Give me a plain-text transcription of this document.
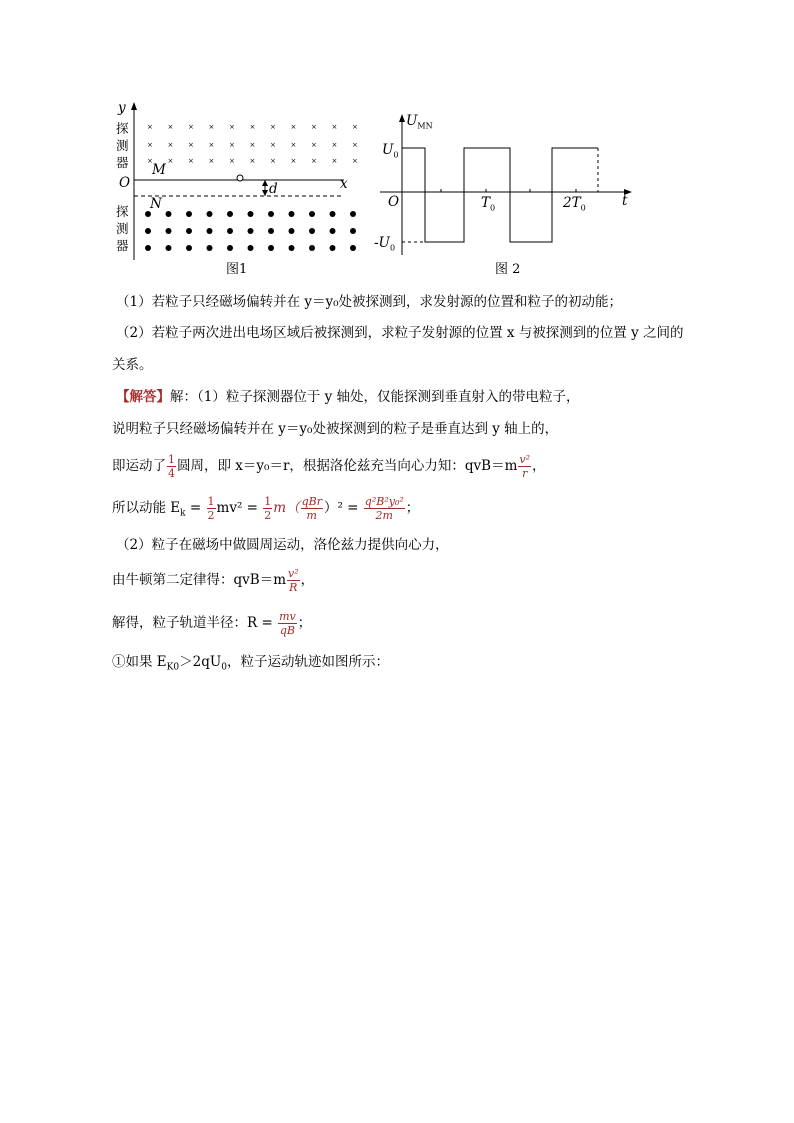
× × × × × × × × × × ×
× × × × × × × × × × ×
× × × × × × × × × × ×
y
探
测
器
O	x
M
d
N
探
测
器
图1
$U_{MN}$
$U_0$
O	$T_0$	$2T_0$	t
$-U_0$
图 2
（1）若粒子只经磁场偏转并在 y＝y₀处被探测到，求发射源的位置和粒子的初动能；
（2）若粒子两次进出电场区域后被探测到，求粒子发射源的位置 x 与被探测到的位置 y 之间的
关系。
【解答】解：（1）粒子探测器位于 y 轴处，仅能探测到垂直射入的带电粒子，
说明粒子只经磁场偏转并在 y＝y₀处被探测到的粒子是垂直达到 y 轴上的，
即运动了 $\frac{1}{4}$ 圆周，即 x＝y₀＝r，根据洛伦兹充当向心力知：$qvB=m \frac{\text{v²}}{r}$ ，
所以动能 $E_k = \frac{1}{2} mv^2 = \frac{1}{2} m( \frac{\text{qBr}}{m} )^2 = \frac{\text{q²B²y₀²}}{2m}$ ；
（2）粒子在磁场中做圆周运动，洛伦兹力提供向心力，
由牛顿第二定律得：$qvB=m \frac{\text{v²}}{R}$ ，
解得，粒子轨道半径：$R = \frac{mv}{qB}$ ；
①如果 $E_{K0}>2qU_0$，粒子运动轨迹如图所示：
